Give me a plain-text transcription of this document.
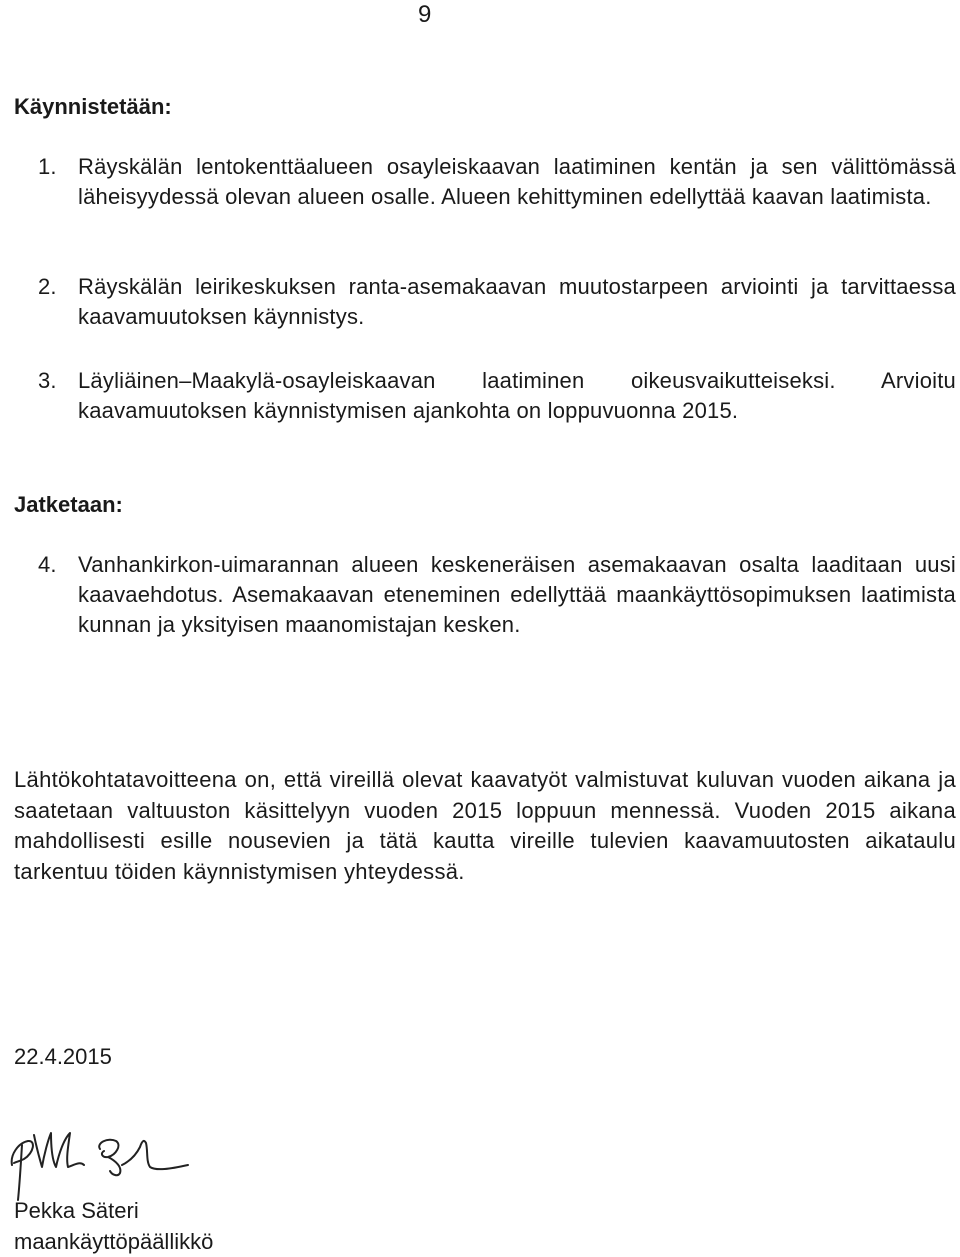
9
Käynnistetään:
1. Räyskälän lentokenttäalueen osayleiskaavan laatiminen kentän ja sen välittömässä läheisyydessä olevan alueen osalle. Alueen kehittyminen edellyttää kaavan laatimista.
2. Räyskälän leirikeskuksen ranta-asemakaavan muutostarpeen arviointi ja tarvittaessa kaavamuutoksen käynnistys.
3. Läyliäinen–Maakylä-osayleiskaavan laatiminen oikeusvaikutteiseksi. Arvioitu kaavamuutoksen käynnistymisen ajankohta on loppuvuonna 2015.
Jatketaan:
4. Vanhankirkon-uimarannan alueen keskeneräisen asemakaavan osalta laaditaan uusi kaavaehdotus. Asemakaavan eteneminen edellyttää maankäyttösopimuksen laatimista kunnan ja yksityisen maanomistajan kesken.
Lähtökohtatavoitteena on, että vireillä olevat kaavatyöt valmistuvat kuluvan vuoden aikana ja saatetaan valtuuston käsittelyyn vuoden 2015 loppuun mennessä. Vuoden 2015 aikana mahdollisesti esille nousevien ja tätä kautta vireille tulevien kaavamuutosten aikataulu tarkentuu töiden käynnistymisen yhteydessä.
22.4.2015
Pekka Säteri
maankäyttöpäällikkö
